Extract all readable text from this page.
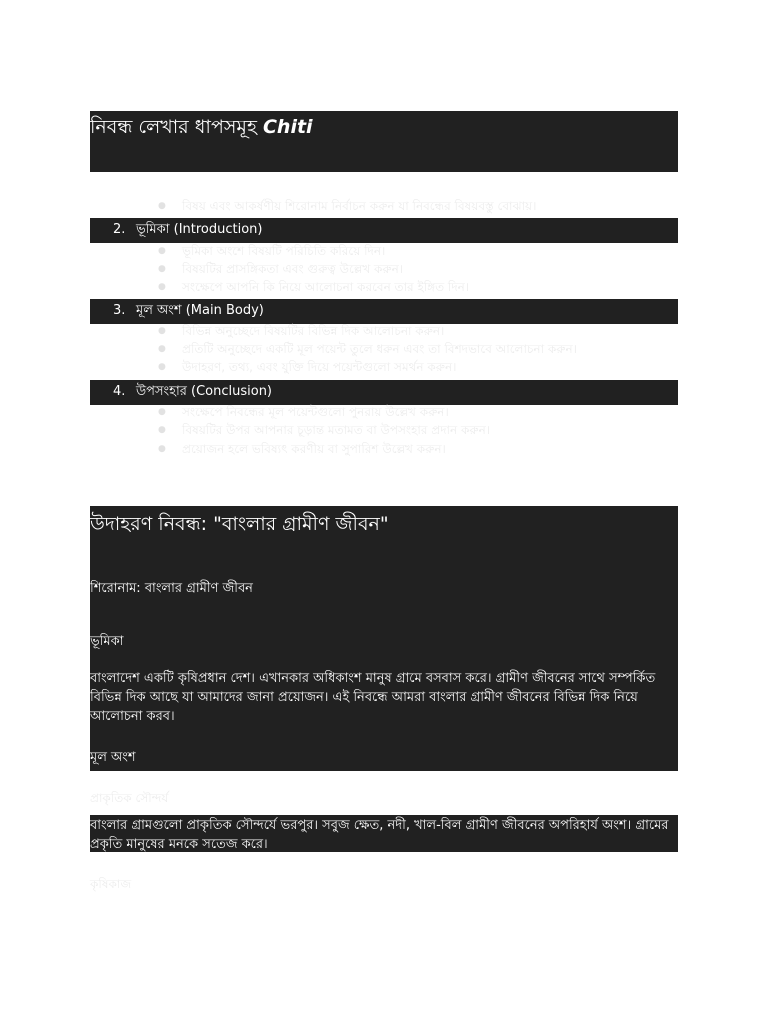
নিবন্ধ লেখার ধাপসমূহ Chiti
1. শিরোনাম (Title)
● বিষয় এবং আকর্ষণীয় শিরোনাম নির্বাচন করুন যা নিবন্ধের বিষয়বস্তু বোঝায়।
2. ভূমিকা (Introduction)
● ভূমিকা অংশে বিষয়টি পরিচিতি করিয়ে দিন।
● বিষয়টির প্রাসঙ্গিকতা এবং গুরুত্ব উল্লেখ করুন।
● সংক্ষেপে আপনি কি নিয়ে আলোচনা করবেন তার ইঙ্গিত দিন।
3. মূল অংশ (Main Body)
● বিভিন্ন অনুচ্ছেদে বিষয়টির বিভিন্ন দিক আলোচনা করুন।
● প্রতিটি অনুচ্ছেদে একটি মূল পয়েন্ট তুলে ধরুন এবং তা বিশদভাবে আলোচনা করুন।
● উদাহরণ, তথ্য, এবং যুক্তি দিয়ে পয়েন্টগুলো সমর্থন করুন।
4. উপসংহার (Conclusion)
● সংক্ষেপে নিবন্ধের মূল পয়েন্টগুলো পুনরায় উল্লেখ করুন।
● বিষয়টির উপর আপনার চূড়ান্ত মতামত বা উপসংহার প্রদান করুন।
● প্রয়োজন হলে ভবিষ্যৎ করণীয় বা সুপারিশ উল্লেখ করুন।
উদাহরণ নিবন্ধ: "বাংলার গ্রামীণ জীবন"
শিরোনাম: বাংলার গ্রামীণ জীবন
ভূমিকা
বাংলাদেশ একটি কৃষিপ্রধান দেশ। এখানকার অধিকাংশ মানুষ গ্রামে বসবাস করে। গ্রামীণ জীবনের সাথে সম্পর্কিত বিভিন্ন দিক আছে যা আমাদের জানা প্রয়োজন। এই নিবন্ধে আমরা বাংলার গ্রামীণ জীবনের বিভিন্ন দিক নিয়ে আলোচনা করব।
মূল অংশ
প্রাকৃতিক সৌন্দর্য
বাংলার গ্রামগুলো প্রাকৃতিক সৌন্দর্যে ভরপুর। সবুজ ক্ষেত, নদী, খাল-বিল গ্রামীণ জীবনের অপরিহার্য অংশ। গ্রামের প্রকৃতি মানুষের মনকে সতেজ করে।
কৃষিকাজ
